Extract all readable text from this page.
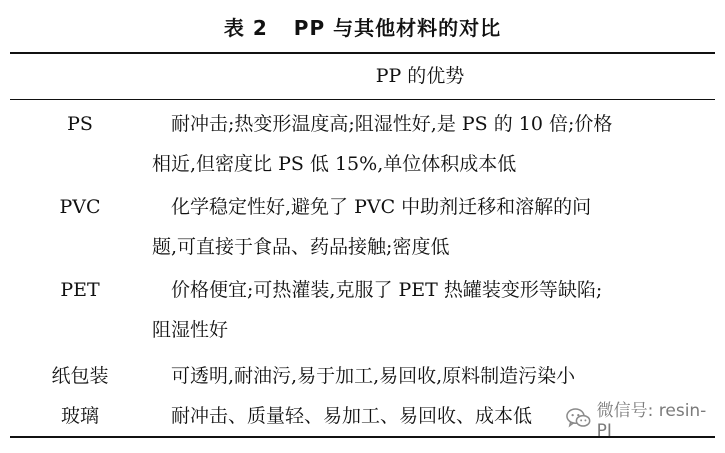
表 2 PP 与其他材料的对比
PP 的优势
PS	耐冲击;热变形温度高;阻湿性好,是 PS 的 10 倍;价格
相近,但密度比 PS 低 15%,单位体积成本低
PVC	化学稳定性好,避免了 PVC 中助剂迁移和溶解的问
题,可直接于食品、药品接触;密度低
PET	价格便宜;可热灌装,克服了 PET 热罐装变形等缺陷;
阻湿性好
纸包装	可透明,耐油污,易于加工,易回收,原料制造污染小
玻璃	耐冲击、质量轻、易加工、易回收、成本低	微信号: resin-PI
